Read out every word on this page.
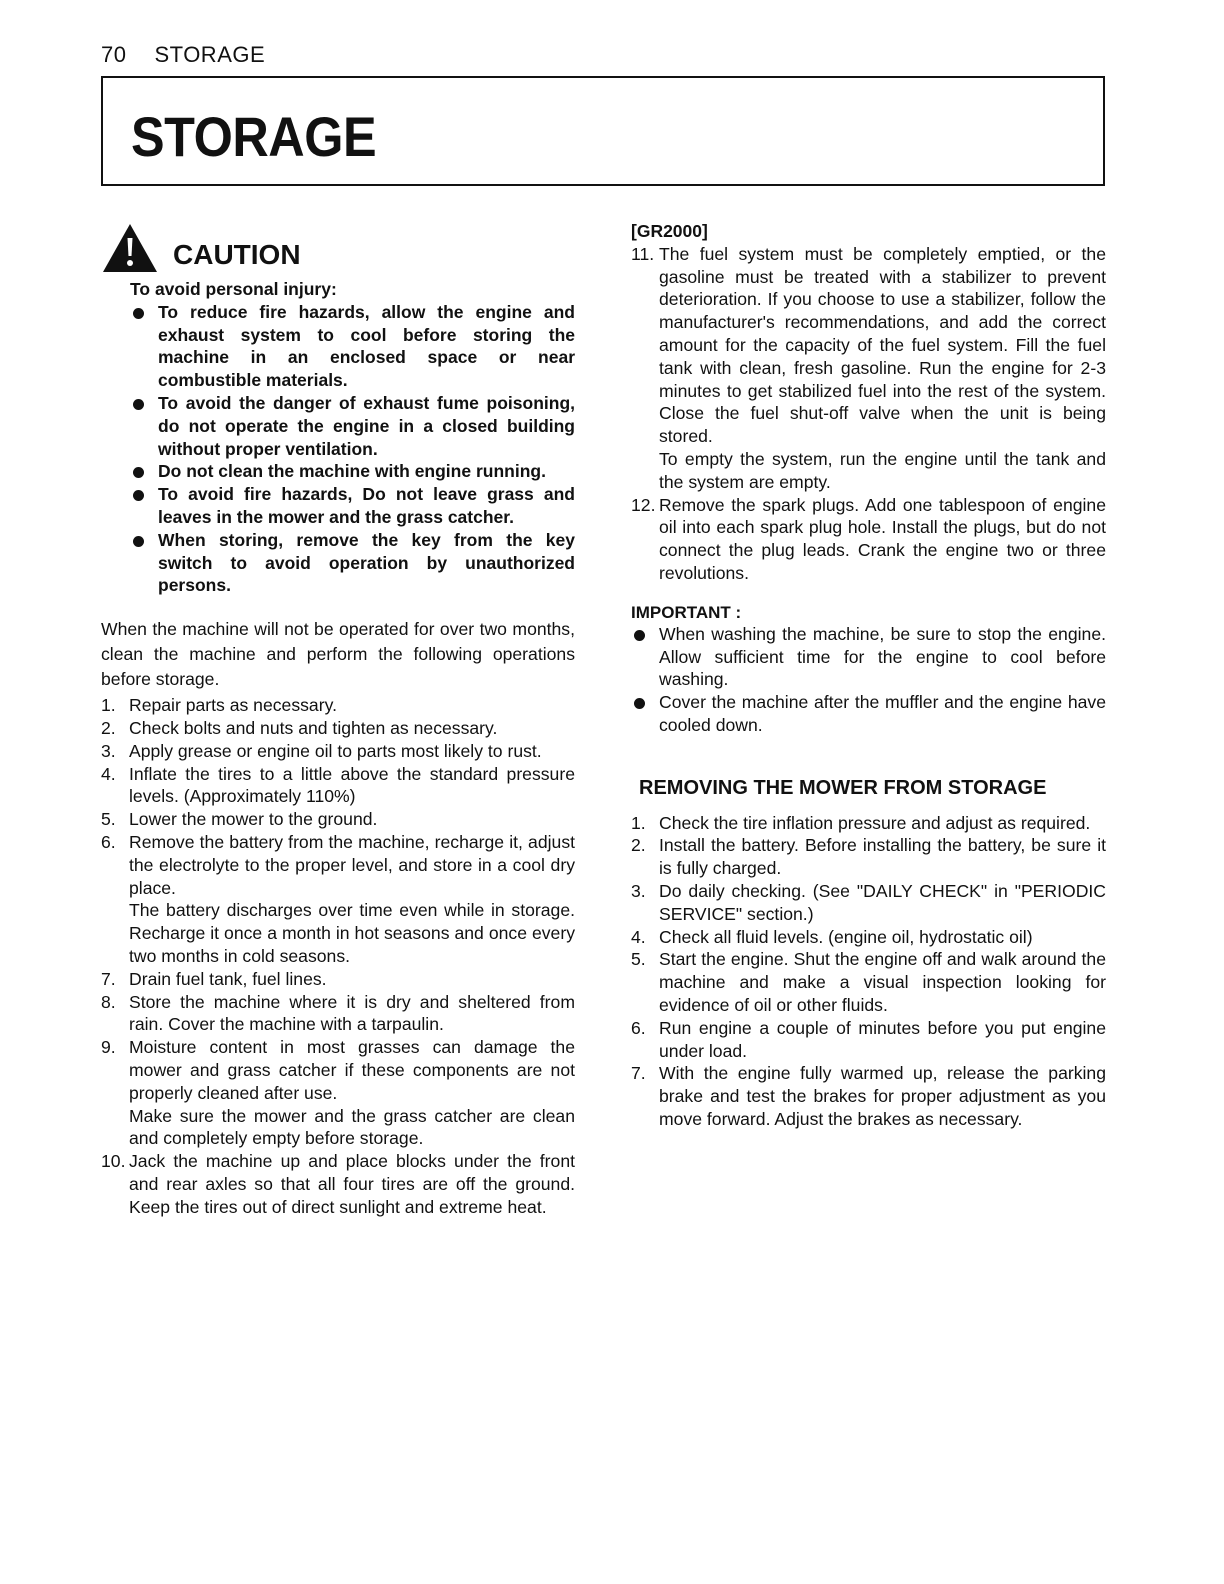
70 STORAGE
STORAGE
CAUTION
To avoid personal injury:
To reduce fire hazards, allow the engine and exhaust system to cool before storing the machine in an enclosed space or near combustible materials.
To avoid the danger of exhaust fume poisoning, do not operate the engine in a closed building without proper ventilation.
Do not clean the machine with engine running.
To avoid fire hazards, Do not leave grass and leaves in the mower and the grass catcher.
When storing, remove the key from the key switch to avoid operation by unauthorized persons.

When the machine will not be operated for over two months, clean the machine and perform the following operations before storage.

1. Repair parts as necessary.
2. Check bolts and nuts and tighten as necessary.
3. Apply grease or engine oil to parts most likely to rust.
4. Inflate the tires to a little above the standard pressure levels. (Approximately 110%)
5. Lower the mower to the ground.
6. Remove the battery from the machine, recharge it, adjust the electrolyte to the proper level, and store in a cool dry place.
The battery discharges over time even while in storage. Recharge it once a month in hot seasons and once every two months in cold seasons.
7. Drain fuel tank, fuel lines.
8. Store the machine where it is dry and sheltered from rain. Cover the machine with a tarpaulin.
9. Moisture content in most grasses can damage the mower and grass catcher if these components are not properly cleaned after use.
Make sure the mower and the grass catcher are clean and completely empty before storage.
10. Jack the machine up and place blocks under the front and rear axles so that all four tires are off the ground. Keep the tires out of direct sunlight and extreme heat.
[GR2000]
11. The fuel system must be completely emptied, or the gasoline must be treated with a stabilizer to prevent deterioration. If you choose to use a stabilizer, follow the manufacturer's recommendations, and add the correct amount for the capacity of the fuel system. Fill the fuel tank with clean, fresh gasoline. Run the engine for 2-3 minutes to get stabilized fuel into the rest of the system. Close the fuel shut-off valve when the unit is being stored.
To empty the system, run the engine until the tank and the system are empty.
12. Remove the spark plugs. Add one tablespoon of engine oil into each spark plug hole. Install the plugs, but do not connect the plug leads. Crank the engine two or three revolutions.
IMPORTANT :
When washing the machine, be sure to stop the engine. Allow sufficient time for the engine to cool before washing.
Cover the machine after the muffler and the engine have cooled down.
REMOVING THE MOWER FROM STORAGE
1. Check the tire inflation pressure and adjust as required.
2. Install the battery. Before installing the battery, be sure it is fully charged.
3. Do daily checking. (See "DAILY CHECK" in "PERIODIC SERVICE" section.)
4. Check all fluid levels. (engine oil, hydrostatic oil)
5. Start the engine. Shut the engine off and walk around the machine and make a visual inspection looking for evidence of oil or other fluids.
6. Run engine a couple of minutes before you put engine under load.
7. With the engine fully warmed up, release the parking brake and test the brakes for proper adjustment as you move forward. Adjust the brakes as necessary.
